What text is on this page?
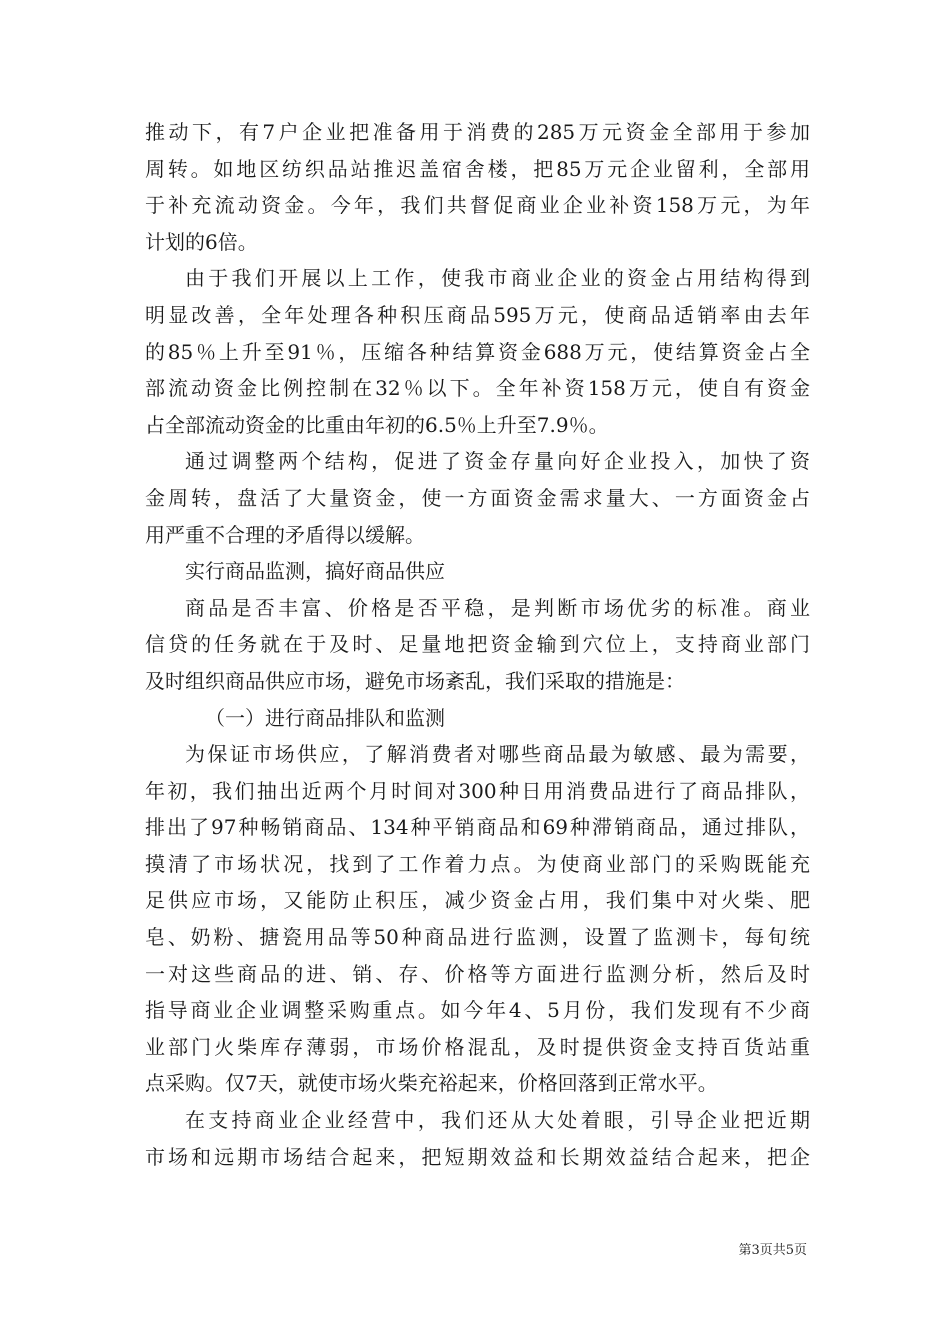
推动下，有7户企业把准备用于消费的285万元资金全部用于参加
周转。如地区纺织品站推迟盖宿舍楼，把85万元企业留利，全部用
于补充流动资金。今年，我们共督促商业企业补资158万元，为年
计划的6倍。
由于我们开展以上工作，使我市商业企业的资金占用结构得到
明显改善，全年处理各种积压商品595万元，使商品适销率由去年
的85％上升至91％，压缩各种结算资金688万元，使结算资金占全
部流动资金比例控制在32％以下。全年补资158万元，使自有资金
占全部流动资金的比重由年初的6.5％上升至7.9％。
通过调整两个结构，促进了资金存量向好企业投入，加快了资
金周转，盘活了大量资金，使一方面资金需求量大、一方面资金占
用严重不合理的矛盾得以缓解。
实行商品监测，搞好商品供应
商品是否丰富、价格是否平稳，是判断市场优劣的标准。商业
信贷的任务就在于及时、足量地把资金输到穴位上，支持商业部门
及时组织商品供应市场，避免市场紊乱，我们采取的措施是：
（一）进行商品排队和监测
为保证市场供应，了解消费者对哪些商品最为敏感、最为需要，
年初，我们抽出近两个月时间对300种日用消费品进行了商品排队，
排出了97种畅销商品、134种平销商品和69种滞销商品，通过排队，
摸清了市场状况，找到了工作着力点。为使商业部门的采购既能充
足供应市场，又能防止积压，减少资金占用，我们集中对火柴、肥
皂、奶粉、搪瓷用品等50种商品进行监测，设置了监测卡，每旬统
一对这些商品的进、销、存、价格等方面进行监测分析，然后及时
指导商业企业调整采购重点。如今年4、5月份，我们发现有不少商
业部门火柴库存薄弱，市场价格混乱，及时提供资金支持百货站重
点采购。仅7天，就使市场火柴充裕起来，价格回落到正常水平。
在支持商业企业经营中，我们还从大处着眼，引导企业把近期
市场和远期市场结合起来，把短期效益和长期效益结合起来，把企
第3页共5页
